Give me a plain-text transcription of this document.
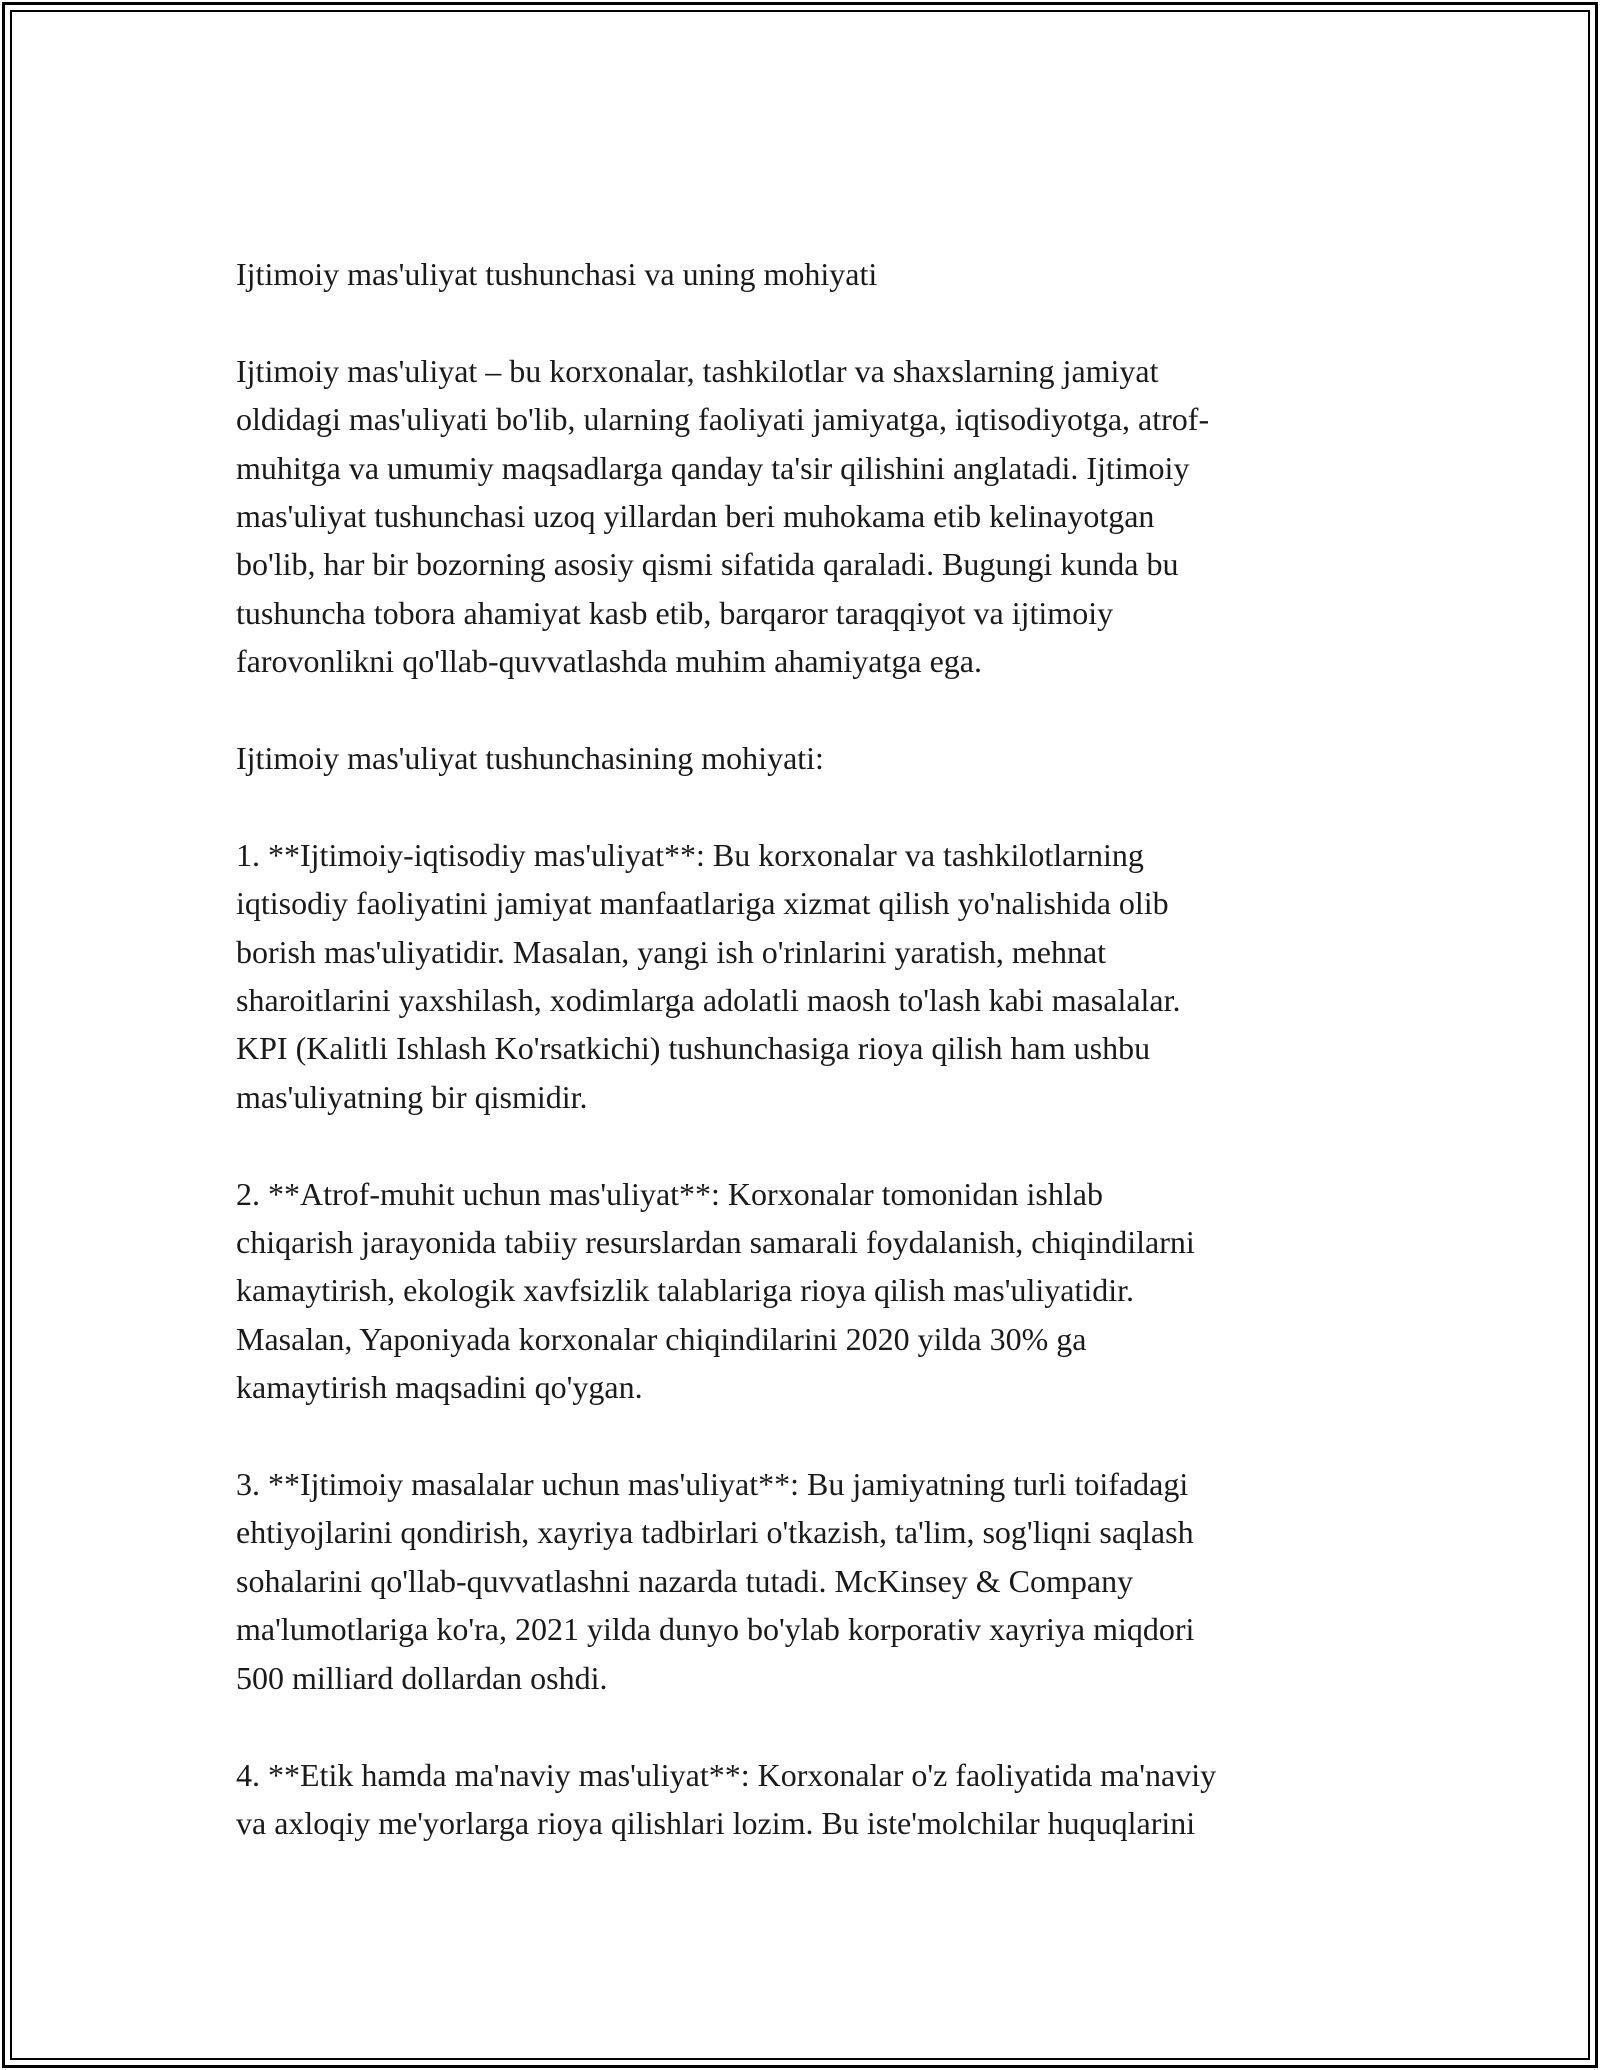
Ijtimoiy mas'uliyat tushunchasi va uning mohiyati

Ijtimoiy mas'uliyat – bu korxonalar, tashkilotlar va shaxslarning jamiyat
oldidagi mas'uliyati bo'lib, ularning faoliyati jamiyatga, iqtisodiyotga, atrof-
muhitga va umumiy maqsadlarga qanday ta'sir qilishini anglatadi. Ijtimoiy
mas'uliyat tushunchasi uzoq yillardan beri muhokama etib kelinayotgan
bo'lib, har bir bozorning asosiy qismi sifatida qaraladi. Bugungi kunda bu
tushuncha tobora ahamiyat kasb etib, barqaror taraqqiyot va ijtimoiy
farovonlikni qo'llab-quvvatlashda muhim ahamiyatga ega.

Ijtimoiy mas'uliyat tushunchasining mohiyati:

1. **Ijtimoiy-iqtisodiy mas'uliyat**: Bu korxonalar va tashkilotlarning
iqtisodiy faoliyatini jamiyat manfaatlariga xizmat qilish yo'nalishida olib
borish mas'uliyatidir. Masalan, yangi ish o'rinlarini yaratish, mehnat
sharoitlarini yaxshilash, xodimlarga adolatli maosh to'lash kabi masalalar.
KPI (Kalitli Ishlash Ko'rsatkichi) tushunchasiga rioya qilish ham ushbu
mas'uliyatning bir qismidir.

2. **Atrof-muhit uchun mas'uliyat**: Korxonalar tomonidan ishlab
chiqarish jarayonida tabiiy resurslardan samarali foydalanish, chiqindilarni
kamaytirish, ekologik xavfsizlik talablariga rioya qilish mas'uliyatidir.
Masalan, Yaponiyada korxonalar chiqindilarini 2020 yilda 30% ga
kamaytirish maqsadini qo'ygan.

3. **Ijtimoiy masalalar uchun mas'uliyat**: Bu jamiyatning turli toifadagi
ehtiyojlarini qondirish, xayriya tadbirlari o'tkazish, ta'lim, sog'liqni saqlash
sohalarini qo'llab-quvvatlashni nazarda tutadi. McKinsey & Company
ma'lumotlariga ko'ra, 2021 yilda dunyo bo'ylab korporativ xayriya miqdori
500 milliard dollardan oshdi.

4. **Etik hamda ma'naviy mas'uliyat**: Korxonalar o'z faoliyatida ma'naviy
va axloqiy me'yorlarga rioya qilishlari lozim. Bu iste'molchilar huquqlarini
